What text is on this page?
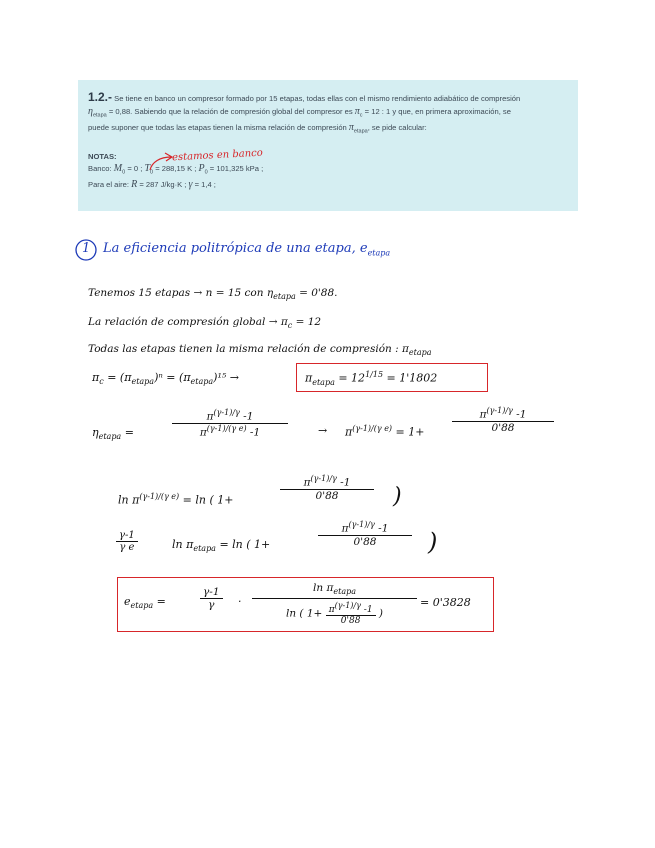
1.2.- Se tiene en banco un compresor formado por 15 etapas, todas ellas con el mismo rendimiento adiabático de compresión
$\eta_{etapa} = 0,88$. Sabiendo que la relación de compresión global del compresor es $\pi_c = 12$ : 1 y que, en primera aproximación, se
puede suponer que todas las etapas tienen la misma relación de compresión $\pi_{etapa}$, se pide calcular:
NOTAS:
Banco: $M_0 = 0$ ; $T_0 = 288,15$ K ; $P_0 = 101,325$ kPa ;
Para el aire: R = 287 J/kg·K ; γ = 1,4 ;
estamos en banco
1 La eficiencia politrópica de una etapa, $e_{etapa}$
Tenemos 15 etapas → n = 15 con $\eta_{etapa} = 0'88$.
La relación de compresión global → $\pi_c = 12$
Todas las etapas tienen la misma relación de compresión : $\pi_{etapa}$
$\pi_c = (\pi_{etapa})^n = (\pi_{etapa})^{15}$ →	$\pi_{etapa} = 12^{1/15} = 1'1802$
$\eta_{etapa}$ =	$\frac{\pi^{(\gamma-1)/\gamma} -1}{\pi^{(\gamma-1)/(\gamma e)} -1}$	→ $\pi^{(\gamma-1)/(\gamma e)} = 1+$	$\frac{\pi^{(\gamma-1)/\gamma} -1}{0'88}$
$\ln \pi^{(\gamma-1)/(\gamma e)} = \ln$ ( 1+	$\frac{\pi^{(\gamma-1)/\gamma} -1}{0'88}$ )
$\frac{\gamma-1}{\text{γ e}}$	$\ln \pi_{etapa} = \ln$ ( 1+	$\frac{\pi^{(\gamma-1)/\gamma} -1}{0'88}$ )
$e_{etapa}$ =	$\frac{\gamma-1}{\gamma}$ ·
$\ln \pi_{etapa}$
ln ( $1+ \frac{\pi^{(\gamma-1)/\gamma} -1}{0'88}$ )
= 0'3828
